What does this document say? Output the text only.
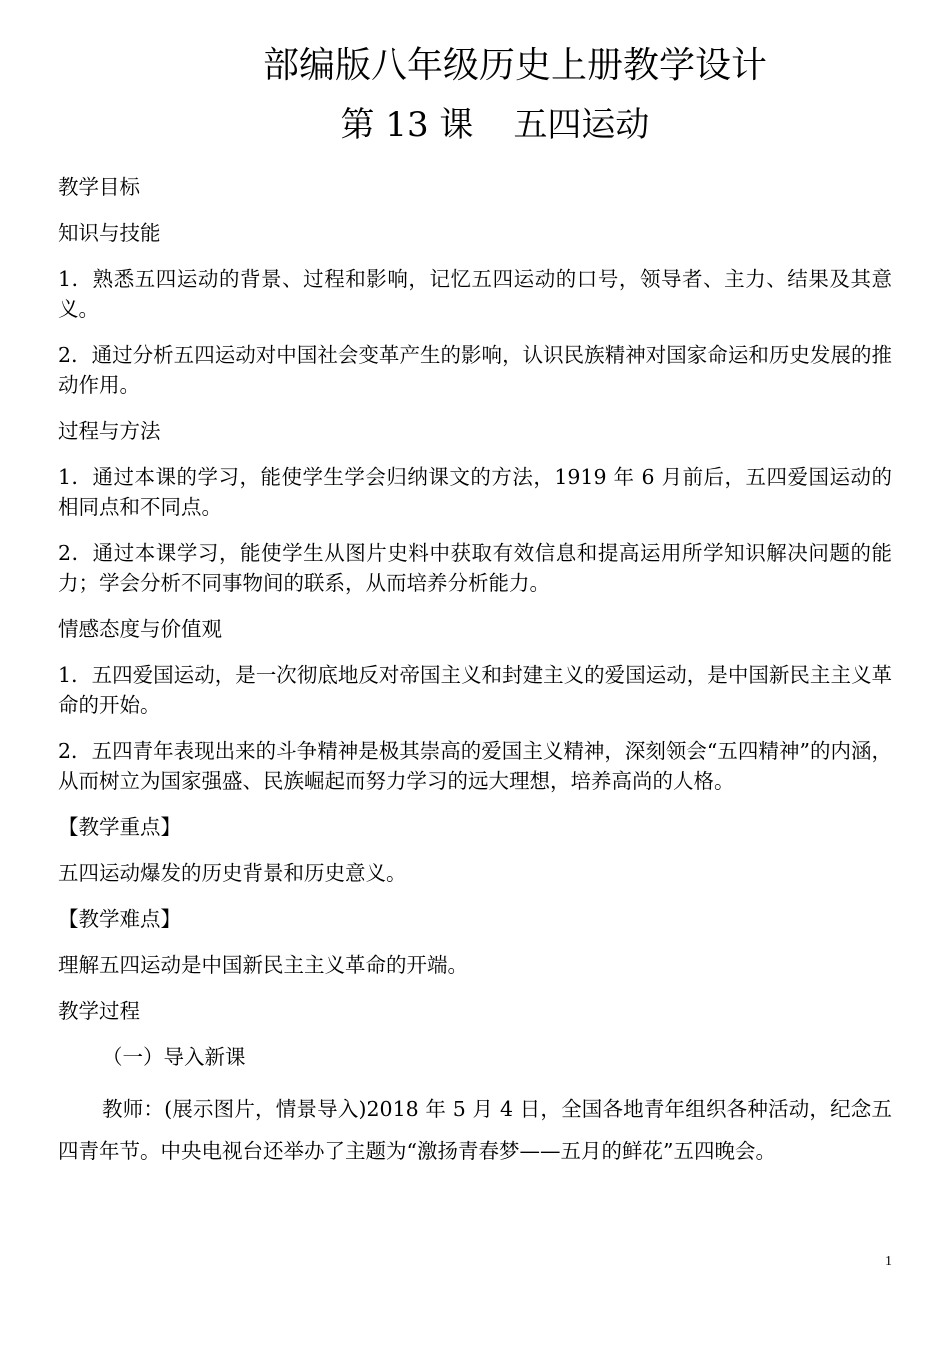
部编版八年级历史上册教学设计
第 13 课 五四运动

教学目标

知识与技能

1．熟悉五四运动的背景、过程和影响，记忆五四运动的口号，领导者、主力、结果及其意义。

2．通过分析五四运动对中国社会变革产生的影响，认识民族精神对国家命运和历史发展的推动作用。

过程与方法

1．通过本课的学习，能使学生学会归纳课文的方法，1919 年 6 月前后，五四爱国运动的相同点和不同点。

2．通过本课学习，能使学生从图片史料中获取有效信息和提高运用所学知识解决问题的能力；学会分析不同事物间的联系，从而培养分析能力。

情感态度与价值观

1．五四爱国运动，是一次彻底地反对帝国主义和封建主义的爱国运动，是中国新民主主义革命的开始。

2．五四青年表现出来的斗争精神是极其崇高的爱国主义精神，深刻领会“五四精神”的内涵，从而树立为国家强盛、民族崛起而努力学习的远大理想，培养高尚的人格。

【教学重点】

五四运动爆发的历史背景和历史意义。

【教学难点】

理解五四运动是中国新民主主义革命的开端。

教学过程

（一）导入新课

教师：(展示图片，情景导入)2018 年 5 月 4 日，全国各地青年组织各种活动，纪念五四青年节。中央电视台还举办了主题为“激扬青春梦——五月的鲜花”五四晚会。

1
